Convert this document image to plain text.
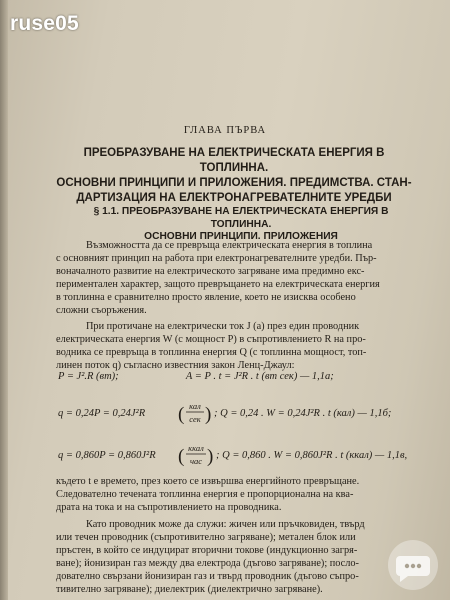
ruse05
ГЛАВА ПЪРВА
ПРЕОБРАЗУВАНЕ НА ЕЛЕКТРИЧЕСКАТА ЕНЕРГИЯ В ТОПЛИННА.
ОСНОВНИ ПРИНЦИПИ И ПРИЛОЖЕНИЯ. ПРЕДИМСТВА. СТАН-
ДАРТИЗАЦИЯ НА ЕЛЕКТРОНАГРЕВАТЕЛНИТЕ УРЕДБИ
§ 1.1. ПРЕОБРАЗУВАНЕ НА ЕЛЕКТРИЧЕСКАТА ЕНЕРГИЯ В ТОПЛИННА.
ОСНОВНИ ПРИНЦИПИ. ПРИЛОЖЕНИЯ
Възможността да се превръща електрическата енергия в топлина
с основният принцип на работа при електронагревателните уредби. Пър-
воначалното развитие на електрическото загряване има предимно екс-
периментален характер, защото превръщането на електрическата енергия
в топлинна е сравнително просто явление, което не изисква особено
сложни съоръжения.
При протичане на електрически ток J (а) през един проводник
електрическата енергия W (с мощност P) в съпротивлението R на про-
водника се превръща в топлинна енергия Q (с топлинна мощност, топ-
линен поток q) съгласно известния закон Ленц-Джаул:
P = J².R (вт);	A = P . t = J²R . t (вт сек) — 1,1а;
q = 0,24P = 0,24J²R ( кал
сек ) ; Q = 0,24 . W = 0,24J²R . t (кал) — 1,1б;
q = 0,860P = 0,860J²R ( ккал
час ) ; Q = 0,860 . W = 0,860J²R . t (ккал) — 1,1в,
където t е времето, през което се извършва енергийното превръщане.
Следователно течената топлинна енергия е пропорционална на ква-
драта на тока и на съпротивлението на проводника.
Като проводник може да служи: жичен или пръчковиден, твърд
или течен проводник (съпротивително загряване); метален блок или
пръстен, в който се индуцират вторични токове (индукционно загря-
ване); йонизиран газ между два електрода (дъгово загряване); послo-
дователно свързани йонизиран газ и твърд проводник (дъгово съпро-
тивително загряване); диелектрик (диелектрично загряване).
